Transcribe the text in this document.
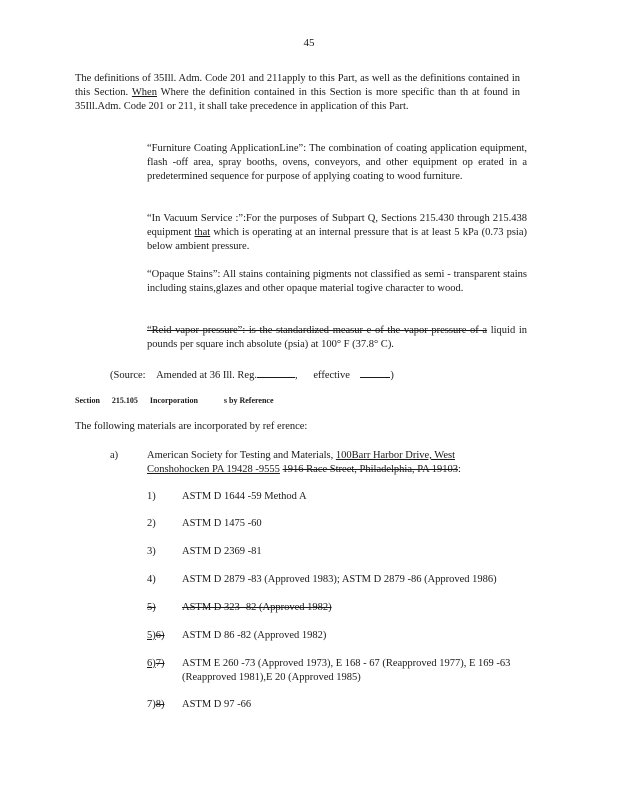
45
The definitions of 35Ill. Adm. Code 201 and 211apply to this Part, as well as the definitions contained in this Section. When Where the definition contained in this Section is more specific than th at found in 35Ill.Adm. Code 201 or 211, it shall take precedence in application of this Part.
“Furniture Coating ApplicationLine”: The combination of coating application equipment, flash -off area, spray booths, ovens, conveyors, and other equipment op erated in a predetermined sequence for purpose of applying coating to wood furniture.
“In Vacuum Service :”:For the purposes of Subpart Q, Sections 215.430 through 215.438 equipment that which is operating at an internal pressure that is at least 5 kPa (0.73 psia) below ambient pressure.
“Opaque Stains”: All stains containing pigments not classified as semi - transparent stains including stains,glazes and other opaque material togive character to wood.
“Reid vapor pressure”: is the standardized measur e of the vapor pressure of a liquid in pounds per square inch absolute (psia) at 100° F (37.8° C).
(Source: Amended at 36 Ill. Reg.	, effective	)
Section 215.105 Incorporation	s by Reference
The following materials are incorporated by ref erence:
a)	American Society for Testing and Materials, 100Barr Harbor Drive, West Conshohocken PA 19428 -9555 1916 Race Street, Philadelphia, PA 19103:
1)	ASTM D 1644 -59 Method A
2)	ASTM D 1475 -60
3)	ASTM D 2369 -81
4)	ASTM D 2879 -83 (Approved 1983); ASTM D 2879 -86 (Approved 1986)
5)	ASTM D 323 -82 (Approved 1982)
5)6)	ASTM D 86 -82 (Approved 1982)
6)7)	ASTM E 260 -73 (Approved 1973), E 168 - 67 (Reapproved 1977), E 169 -63 (Reapproved 1981),E 20 (Approved 1985)
7)8)	ASTM D 97 -66
